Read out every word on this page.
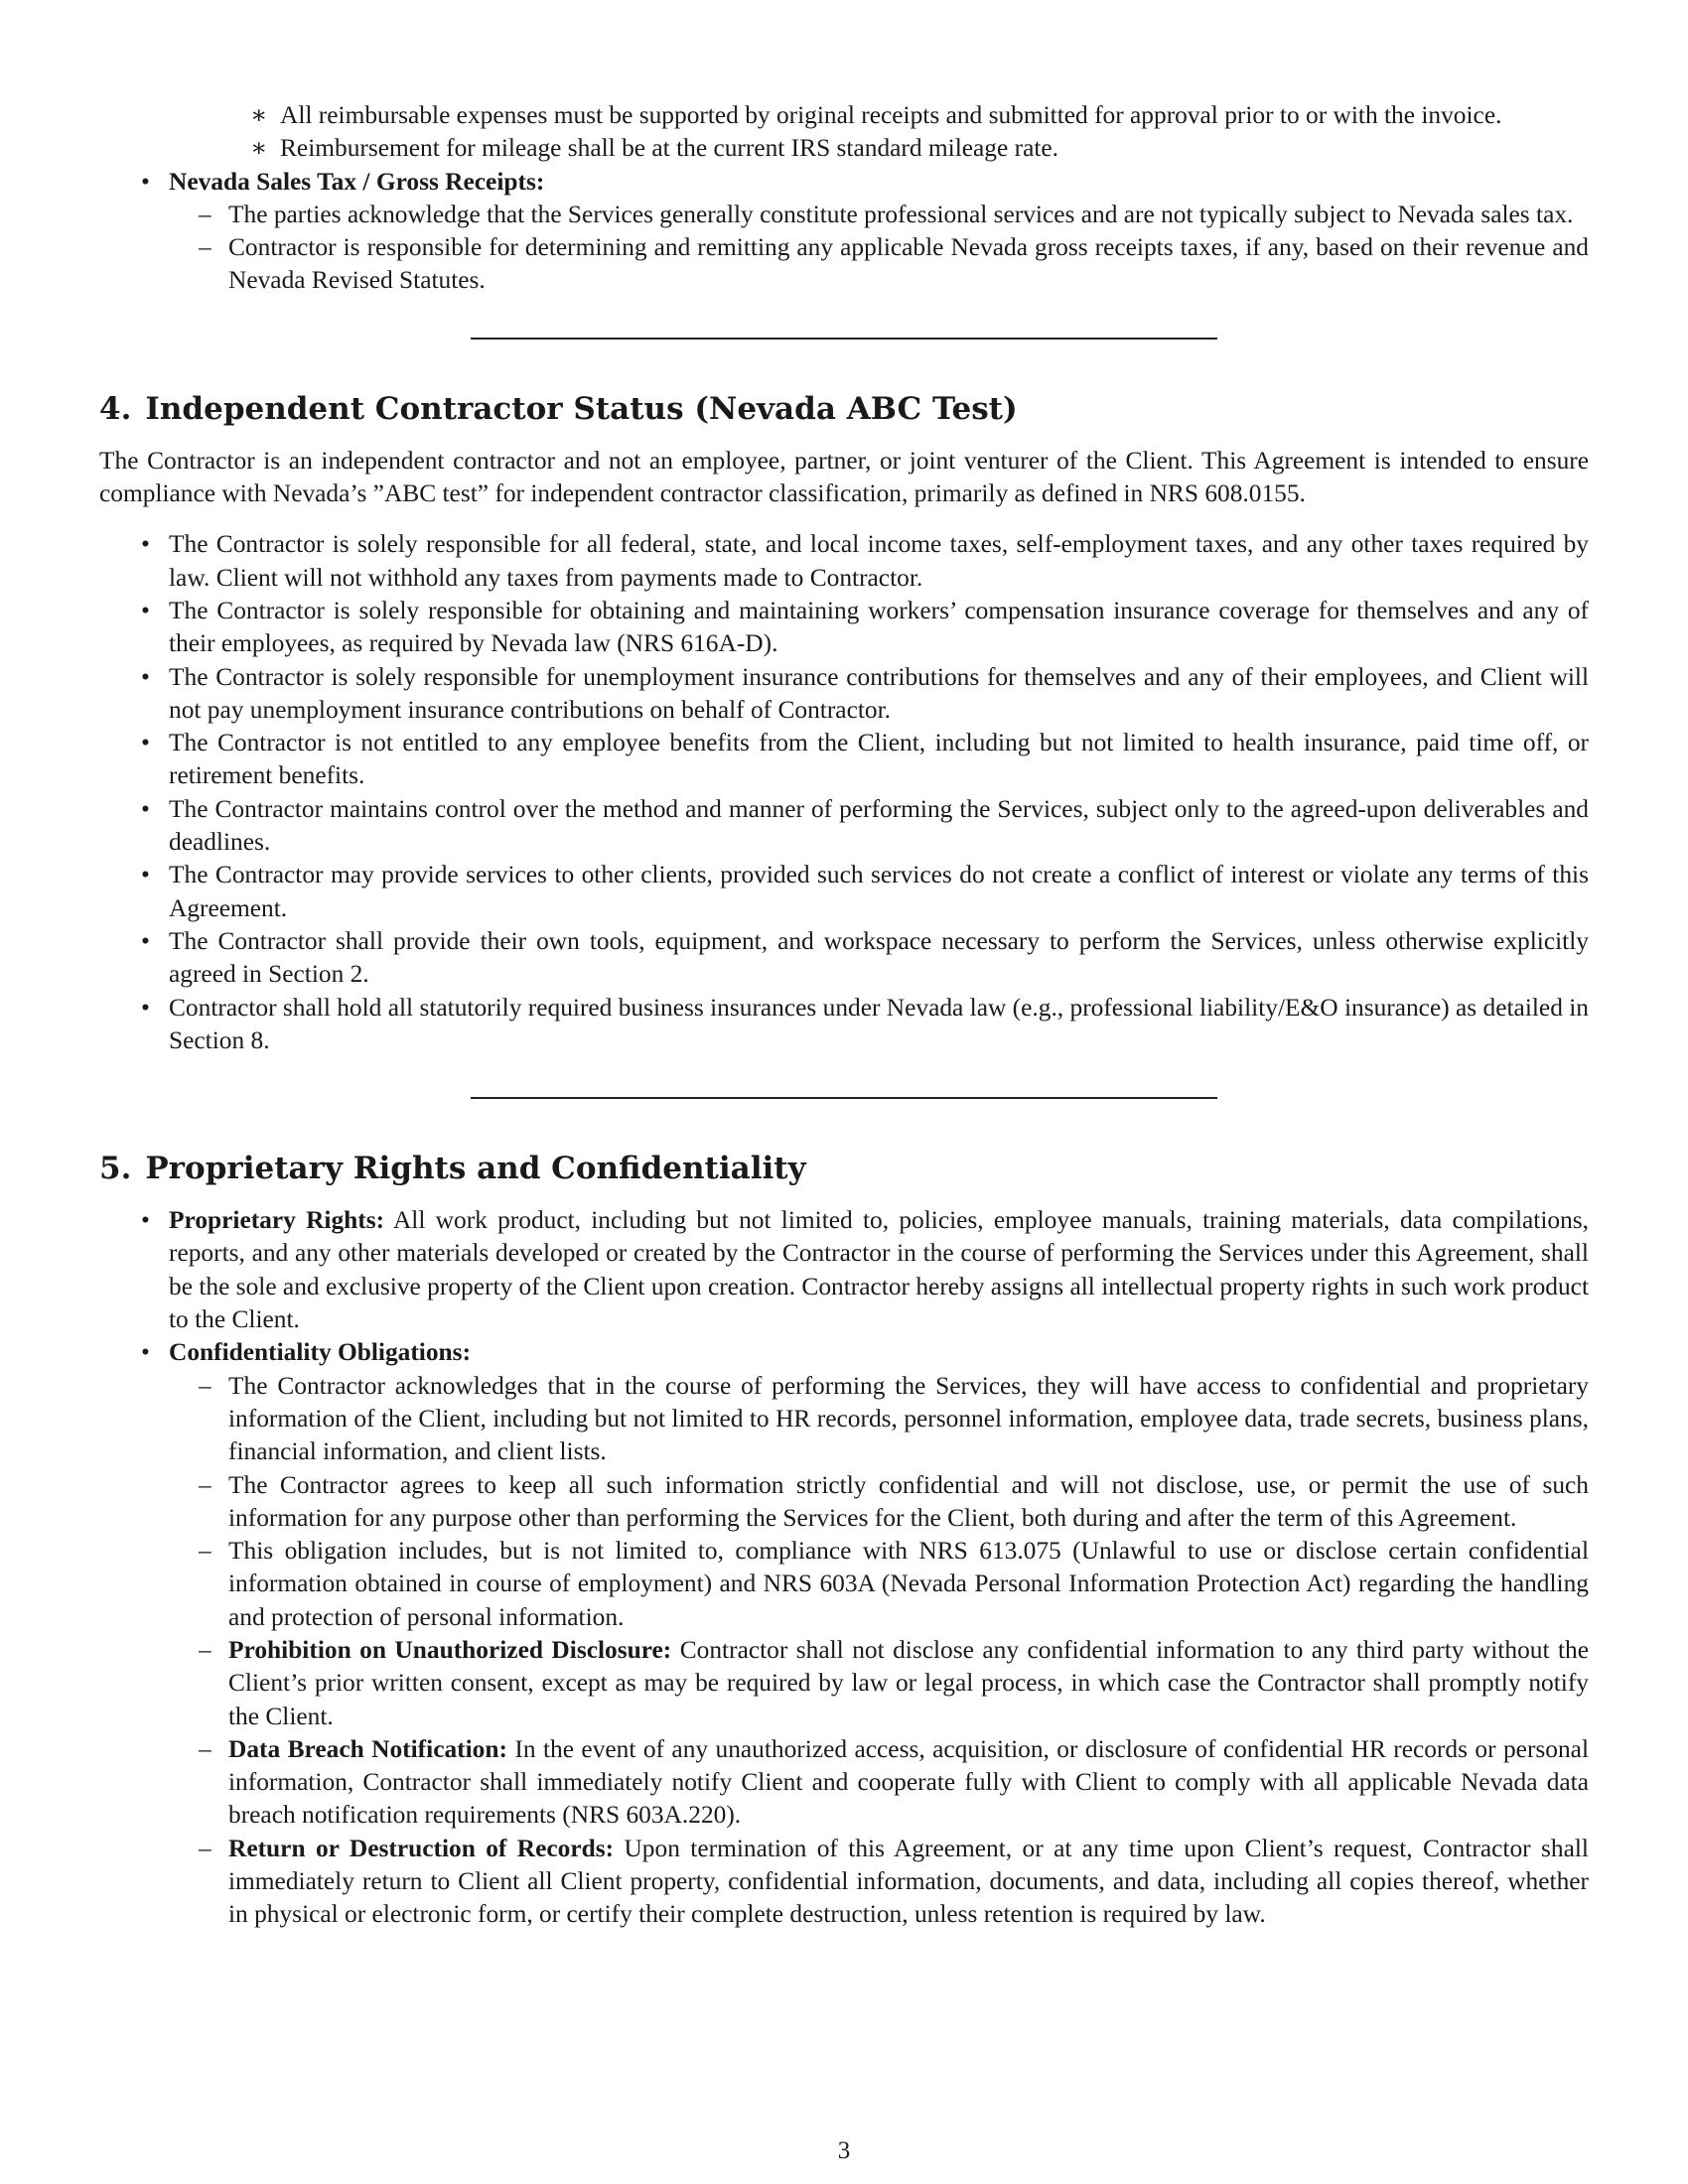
∗ All reimbursable expenses must be supported by original receipts and submitted for approval prior to or with the invoice.
∗ Reimbursement for mileage shall be at the current IRS standard mileage rate.
• Nevada Sales Tax / Gross Receipts:
– The parties acknowledge that the Services generally constitute professional services and are not typically subject to Nevada sales tax.
– Contractor is responsible for determining and remitting any applicable Nevada gross receipts taxes, if any, based on their revenue and Nevada Revised Statutes.
4. Independent Contractor Status (Nevada ABC Test)

The Contractor is an independent contractor and not an employee, partner, or joint venturer of the Client. This Agreement is intended to ensure compliance with Nevada’s ”ABC test” for independent contractor classification, primarily as defined in NRS 608.0155.

• The Contractor is solely responsible for all federal, state, and local income taxes, self-employment taxes, and any other taxes required by law. Client will not withhold any taxes from payments made to Contractor.
• The Contractor is solely responsible for obtaining and maintaining workers’ compensation insurance coverage for themselves and any of their employees, as required by Nevada law (NRS 616A-D).
• The Contractor is solely responsible for unemployment insurance contributions for themselves and any of their employees, and Client will not pay unemployment insurance contributions on behalf of Contractor.
• The Contractor is not entitled to any employee benefits from the Client, including but not limited to health insurance, paid time off, or retirement benefits.
• The Contractor maintains control over the method and manner of performing the Services, subject only to the agreed-upon deliverables and deadlines.
• The Contractor may provide services to other clients, provided such services do not create a conflict of interest or violate any terms of this Agreement.
• The Contractor shall provide their own tools, equipment, and workspace necessary to perform the Services, unless otherwise explicitly agreed in Section 2.
• Contractor shall hold all statutorily required business insurances under Nevada law (e.g., professional liability/E&O insurance) as detailed in Section 8.
5. Proprietary Rights and Confidentiality
• Proprietary Rights: All work product, including but not limited to, policies, employee manuals, training materials, data compilations, reports, and any other materials developed or created by the Contractor in the course of performing the Services under this Agreement, shall be the sole and exclusive property of the Client upon creation. Contractor hereby assigns all intellectual property rights in such work product to the Client.
• Confidentiality Obligations:
– The Contractor acknowledges that in the course of performing the Services, they will have access to confidential and proprietary information of the Client, including but not limited to HR records, personnel information, employee data, trade secrets, business plans, financial information, and client lists.
– The Contractor agrees to keep all such information strictly confidential and will not disclose, use, or permit the use of such information for any purpose other than performing the Services for the Client, both during and after the term of this Agreement.
– This obligation includes, but is not limited to, compliance with NRS 613.075 (Unlawful to use or disclose certain confidential information obtained in course of employment) and NRS 603A (Nevada Personal Information Protection Act) regarding the handling and protection of personal information.
– Prohibition on Unauthorized Disclosure: Contractor shall not disclose any confidential information to any third party without the Client’s prior written consent, except as may be required by law or legal process, in which case the Contractor shall promptly notify the Client.
– Data Breach Notification: In the event of any unauthorized access, acquisition, or disclosure of confidential HR records or personal information, Contractor shall immediately notify Client and cooperate fully with Client to comply with all applicable Nevada data breach notification requirements (NRS 603A.220).
– Return or Destruction of Records: Upon termination of this Agreement, or at any time upon Client’s request, Contractor shall immediately return to Client all Client property, confidential information, documents, and data, including all copies thereof, whether in physical or electronic form, or certify their complete destruction, unless retention is required by law.
3
